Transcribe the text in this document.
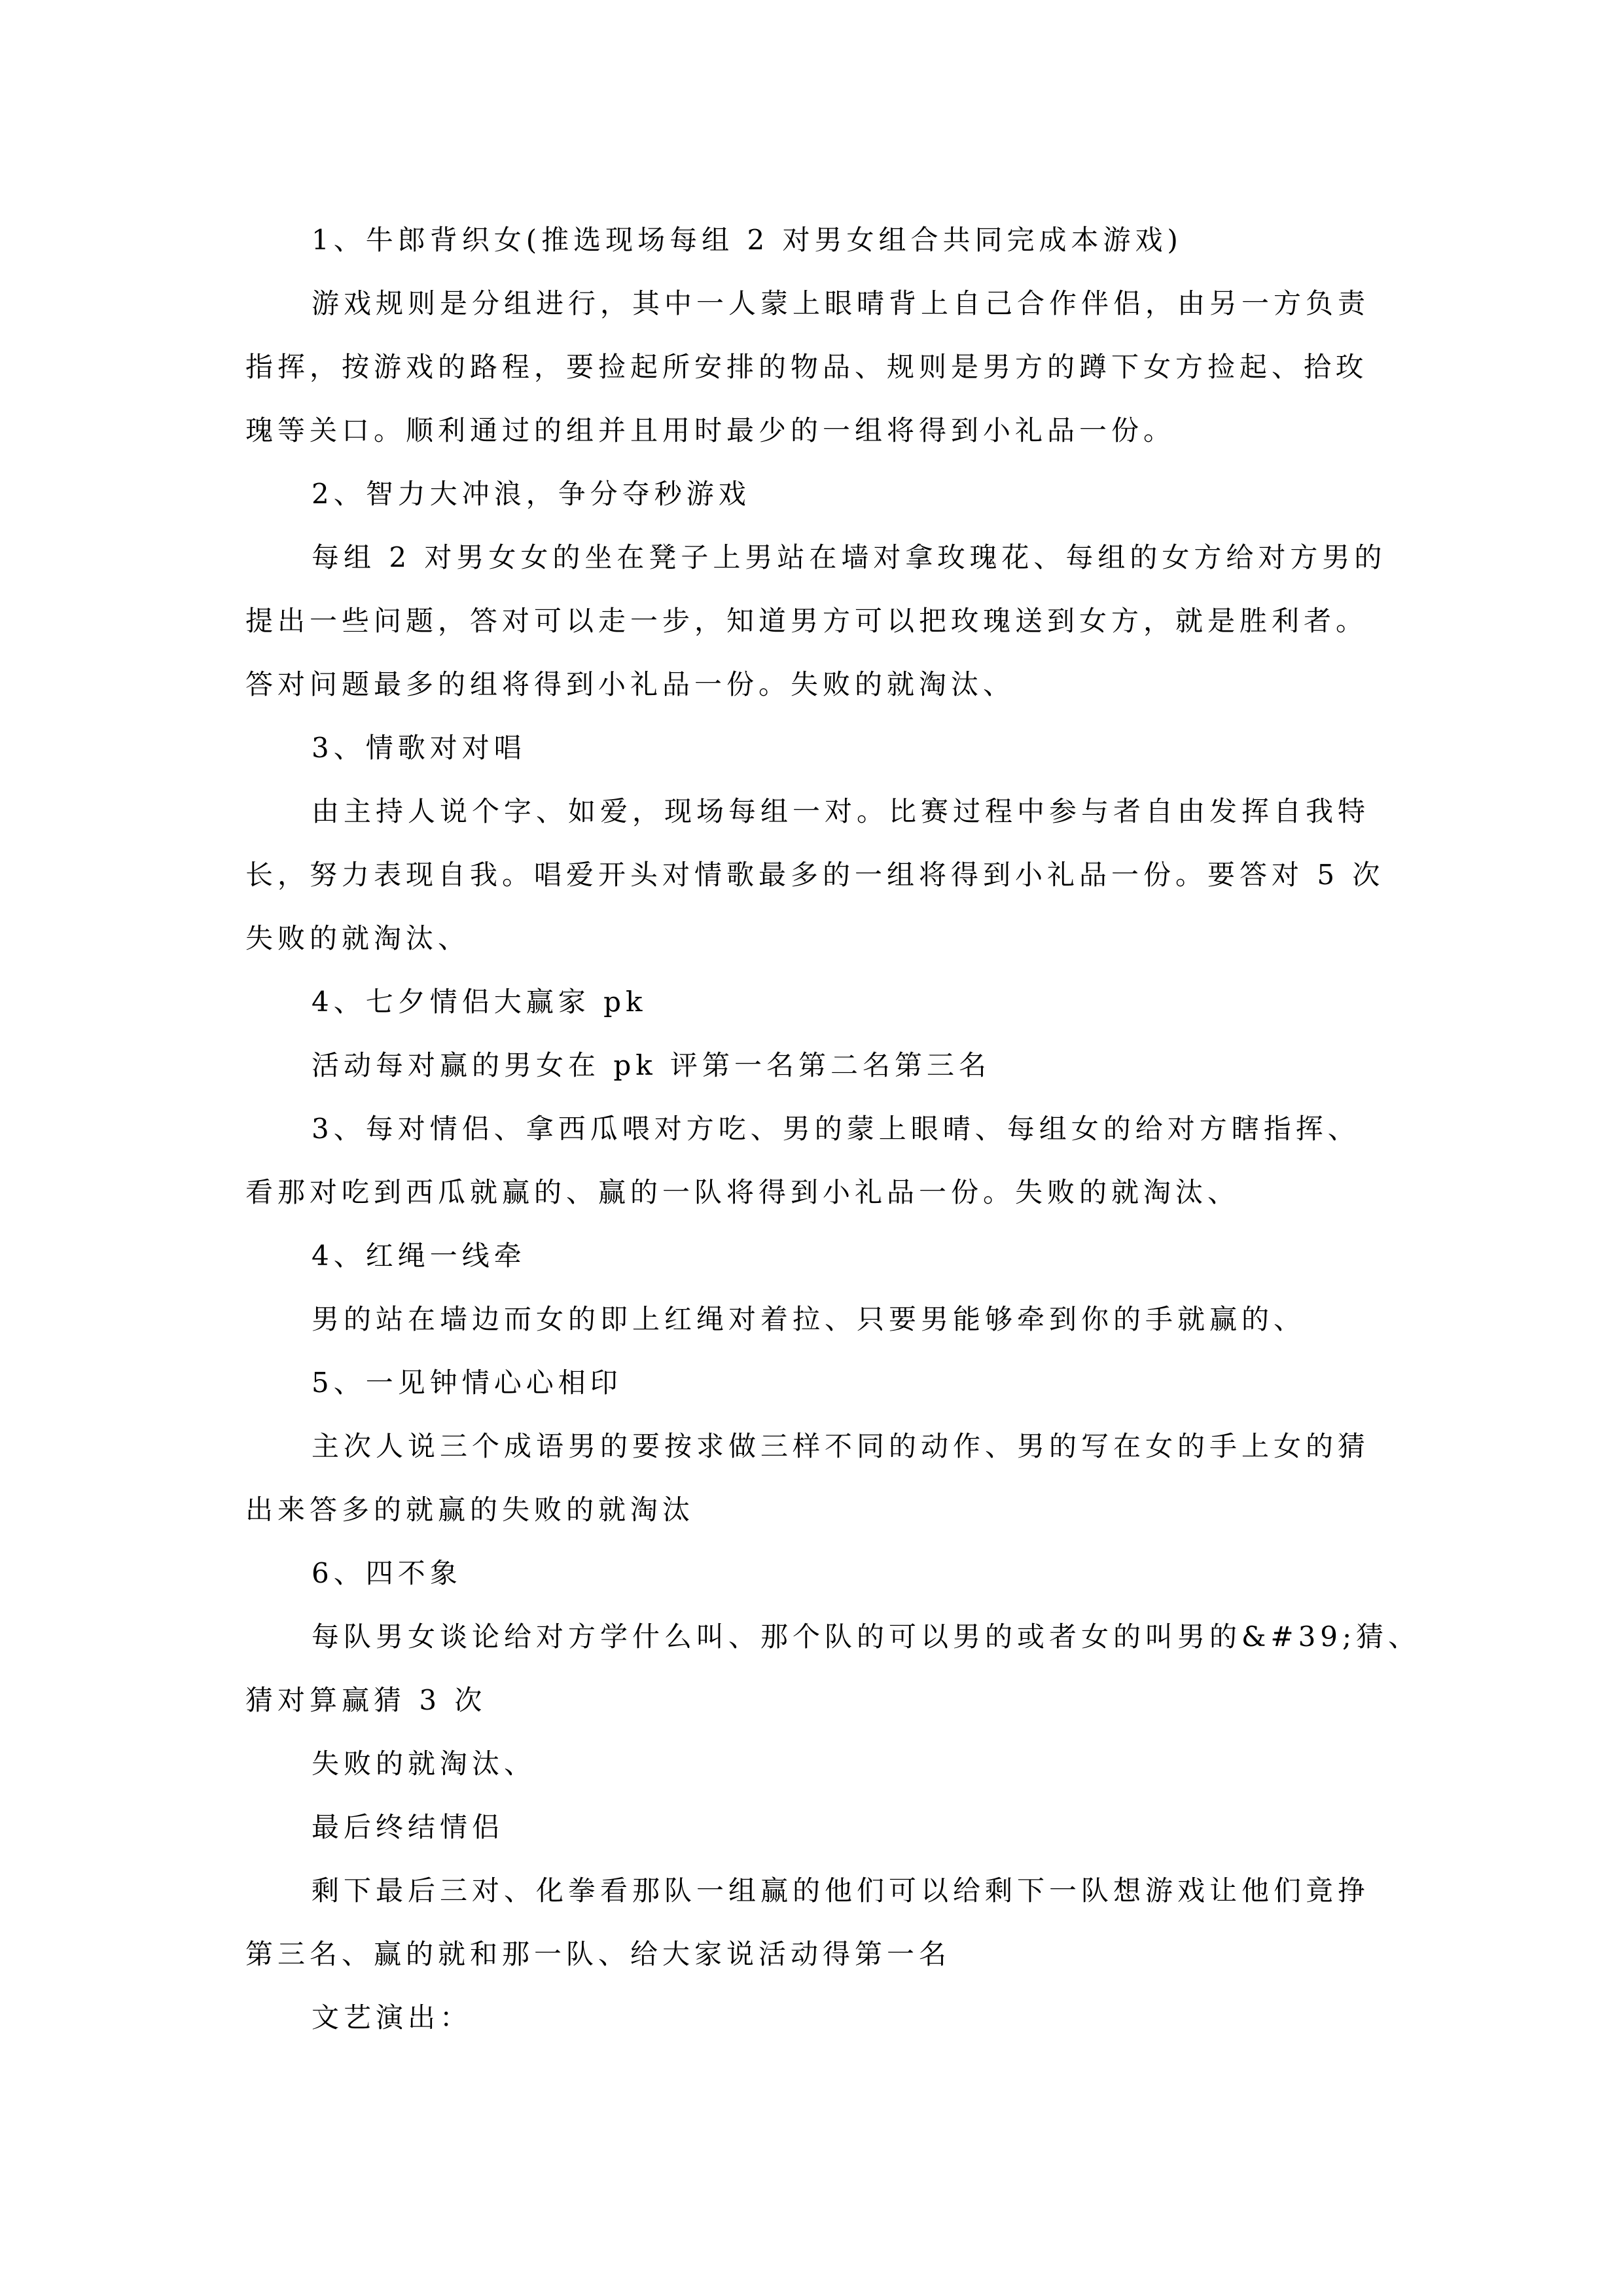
1、牛郎背织女(推选现场每组 2 对男女组合共同完成本游戏)
游戏规则是分组进行，其中一人蒙上眼晴背上自己合作伴侣，由另一方负责
指挥，按游戏的路程，要捡起所安排的物品、规则是男方的蹲下女方捡起、拾玫
瑰等关口。顺利通过的组并且用时最少的一组将得到小礼品一份。
2、智力大冲浪，争分夺秒游戏
每组 2 对男女女的坐在凳子上男站在墙对拿玫瑰花、每组的女方给对方男的
提出一些问题，答对可以走一步，知道男方可以把玫瑰送到女方，就是胜利者。
答对问题最多的组将得到小礼品一份。失败的就淘汰、
3、情歌对对唱
由主持人说个字、如爱，现场每组一对。比赛过程中参与者自由发挥自我特
长，努力表现自我。唱爱开头对情歌最多的一组将得到小礼品一份。要答对 5 次
失败的就淘汰、
4、七夕情侣大赢家 pk
活动每对赢的男女在 pk 评第一名第二名第三名
3、每对情侣、拿西瓜喂对方吃、男的蒙上眼晴、每组女的给对方瞎指挥、
看那对吃到西瓜就赢的、赢的一队将得到小礼品一份。失败的就淘汰、
4、红绳一线牵
男的站在墙边而女的即上红绳对着拉、只要男能够牵到你的手就赢的、
5、一见钟情心心相印
主次人说三个成语男的要按求做三样不同的动作、男的写在女的手上女的猜
出来答多的就赢的失败的就淘汰
6、四不象
每队男女谈论给对方学什么叫、那个队的可以男的或者女的叫男的&#39;猜、
猜对算赢猜 3 次
失败的就淘汰、
最后终结情侣
剩下最后三对、化拳看那队一组赢的他们可以给剩下一队想游戏让他们竟挣
第三名、赢的就和那一队、给大家说活动得第一名
文艺演出：
